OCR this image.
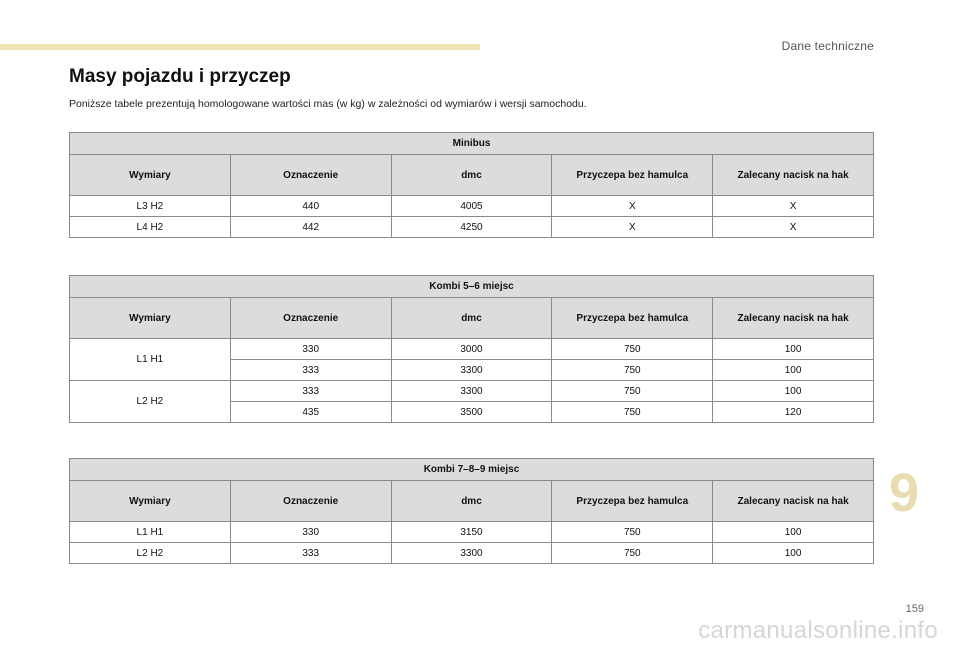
Dane techniczne
Masy pojazdu i przyczep

Poniższe tabele prezentują homologowane wartości mas (w kg) w zależności od wymiarów i wersji samochodu.

Minibus				
Wymiary	Oznaczenie	dmc	Przyczepa bez hamulca	Zalecany nacisk na hak
L3 H2	440	4005	X	X
L4 H2	442	4250	X	X
Kombi 5–6 miejsc				
Wymiary	Oznaczenie	dmc	Przyczepa bez hamulca	Zalecany nacisk na hak
L1 H1	330	3000	750	100
	333	3300	750	100
L2 H2	333	3300	750	100
	435	3500	750	120
Kombi 7–8–9 miejsc				
Wymiary	Oznaczenie	dmc	Przyczepa bez hamulca	Zalecany nacisk na hak
L1 H1	330	3150	750	100
L2 H2	333	3300	750	100
9
159
carmanualsonline.info
